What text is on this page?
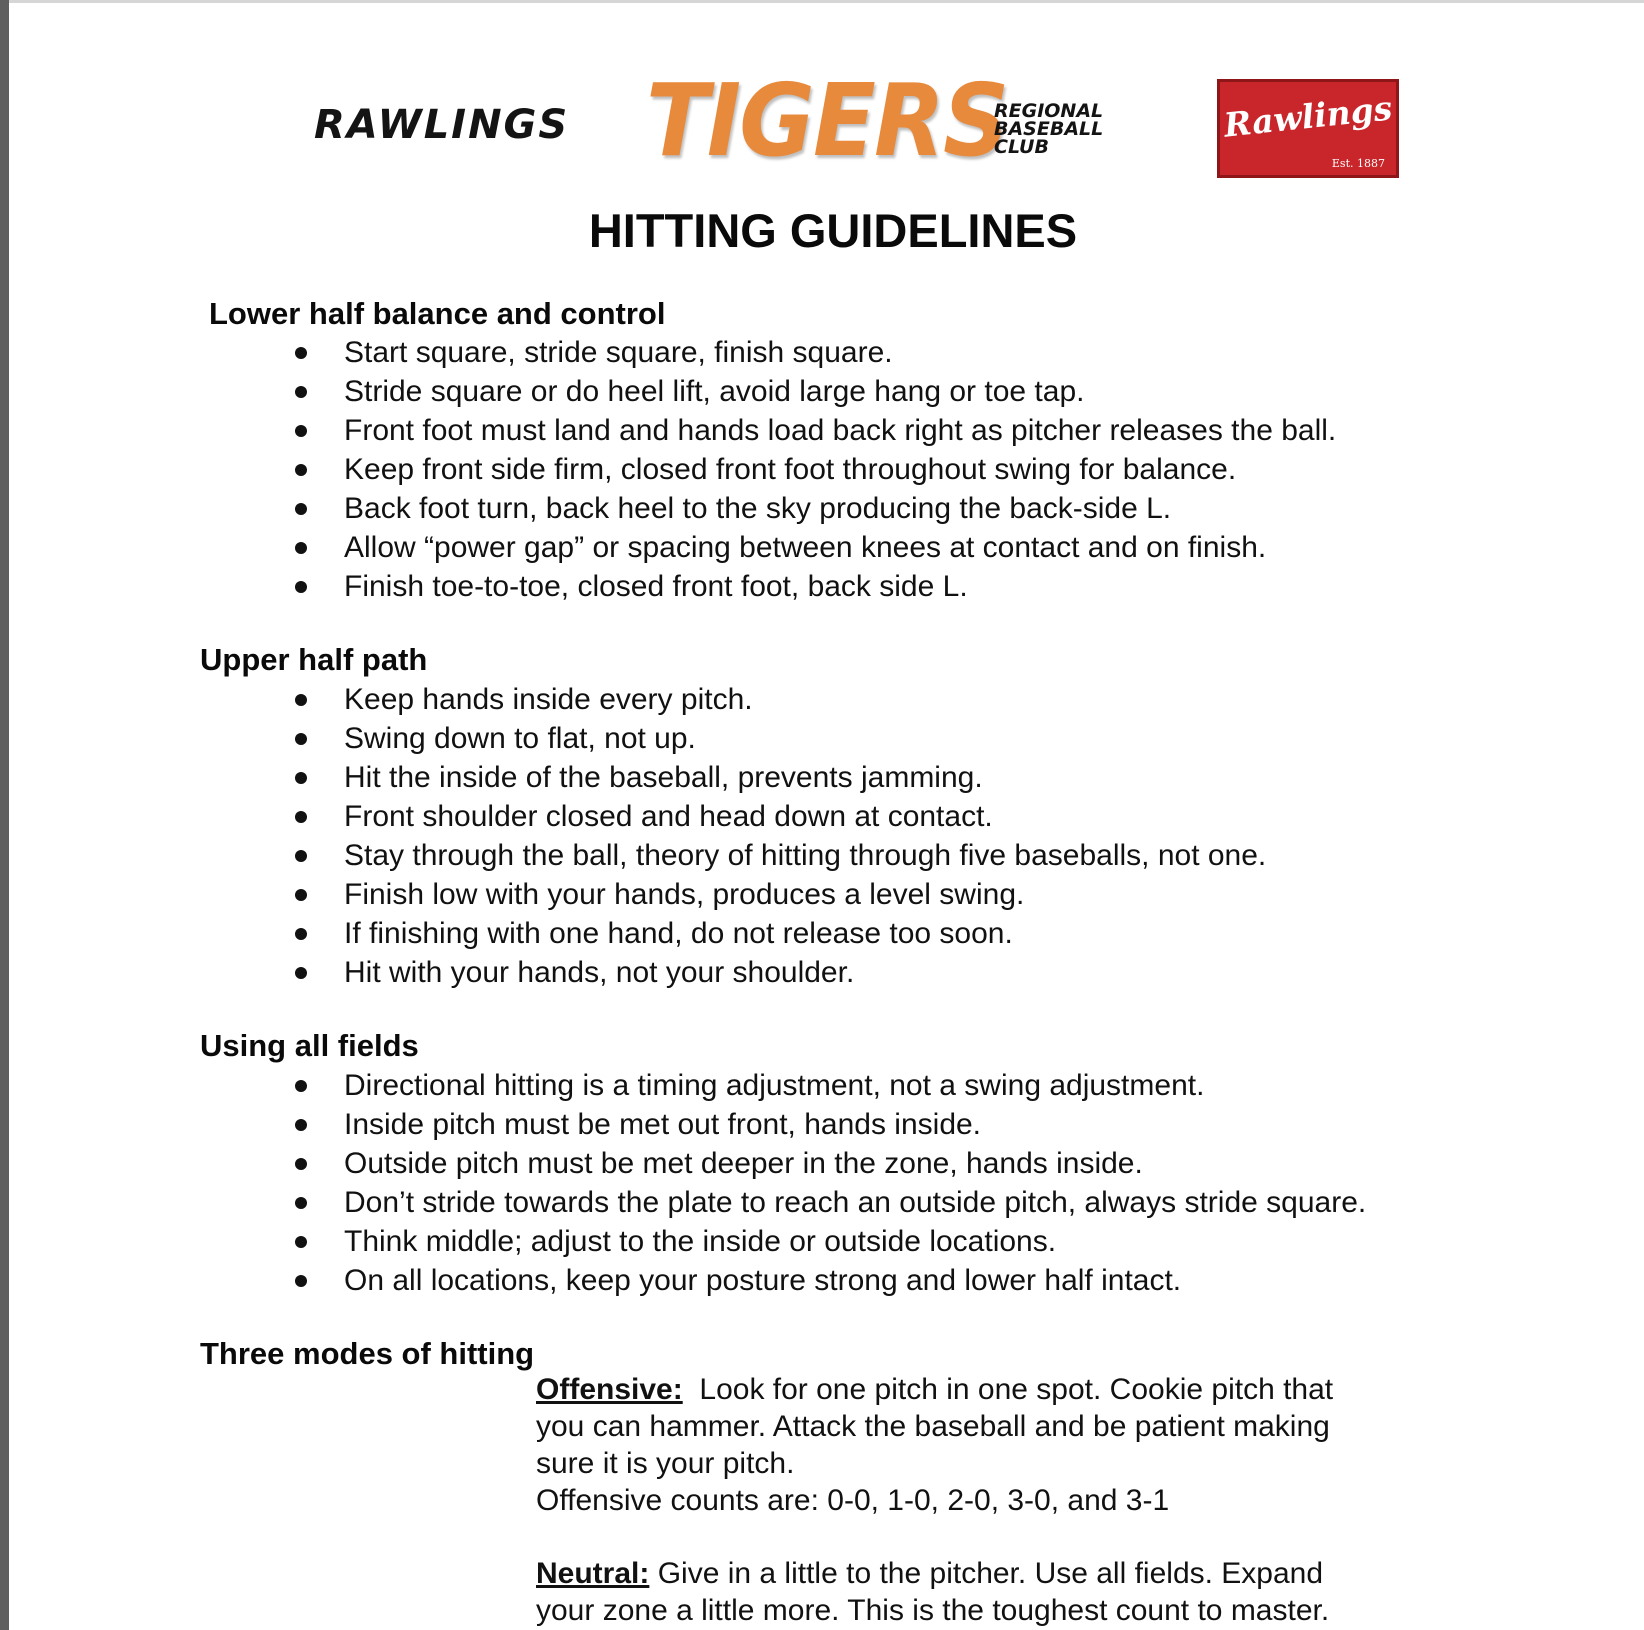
RAWLINGS TIGERS
REGIONAL
BASEBALL
CLUB
Rawlings
Est. 1887
HITTING GUIDELINES
Lower half balance and control
Start square, stride square, finish square.
Stride square or do heel lift, avoid large hang or toe tap.
Front foot must land and hands load back right as pitcher releases the ball.
Keep front side firm, closed front foot throughout swing for balance.
Back foot turn, back heel to the sky producing the back-side L.
Allow “power gap” or spacing between knees at contact and on finish.
Finish toe-to-toe, closed front foot, back side L.
Upper half path
Keep hands inside every pitch.
Swing down to flat, not up.
Hit the inside of the baseball, prevents jamming.
Front shoulder closed and head down at contact.
Stay through the ball, theory of hitting through five baseballs, not one.
Finish low with your hands, produces a level swing.
If finishing with one hand, do not release too soon.
Hit with your hands, not your shoulder.
Using all fields
Directional hitting is a timing adjustment, not a swing adjustment.
Inside pitch must be met out front, hands inside.
Outside pitch must be met deeper in the zone, hands inside.
Don’t stride towards the plate to reach an outside pitch, always stride square.
Think middle; adjust to the inside or outside locations.
On all locations, keep your posture strong and lower half intact.
Three modes of hitting
Offensive: Look for one pitch in one spot. Cookie pitch that
you can hammer. Attack the baseball and be patient making
sure it is your pitch.
Offensive counts are: 0-0, 1-0, 2-0, 3-0, and 3-1
Neutral: Give in a little to the pitcher. Use all fields. Expand
your zone a little more. This is the toughest count to master.
